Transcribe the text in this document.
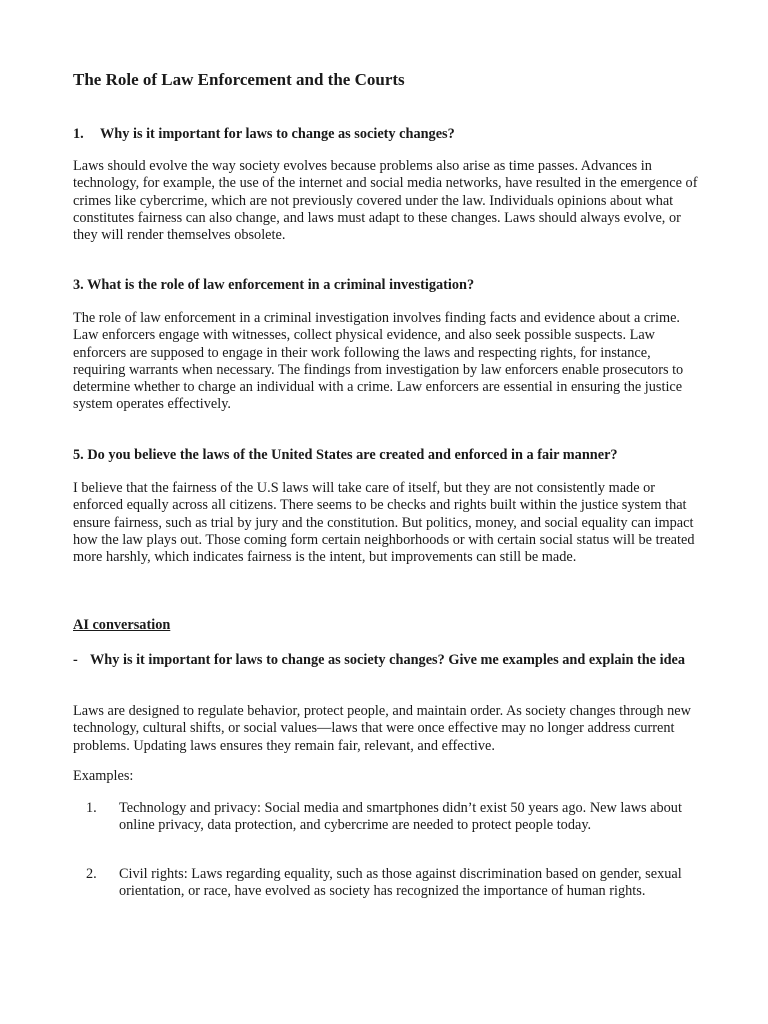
The Role of Law Enforcement and the Courts

1. Why is it important for laws to change as society changes?

Laws should evolve the way society evolves because problems also arise as time passes. Advances in technology, for example, the use of the internet and social media networks, have resulted in the emergence of crimes like cybercrime, which are not previously covered under the law. Individuals opinions about what constitutes fairness can also change, and laws must adapt to these changes. Laws should always evolve, or they will render themselves obsolete.

3. What is the role of law enforcement in a criminal investigation?

The role of law enforcement in a criminal investigation involves finding facts and evidence about a crime. Law enforcers engage with witnesses, collect physical evidence, and also seek possible suspects. Law enforcers are supposed to engage in their work following the laws and respecting rights, for instance, requiring warrants when necessary. The findings from investigation by law enforcers enable prosecutors to determine whether to charge an individual with a crime. Law enforcers are essential in ensuring the justice system operates effectively.

5. Do you believe the laws of the United States are created and enforced in a fair manner?

I believe that the fairness of the U.S laws will take care of itself, but they are not consistently made or enforced equally across all citizens. There seems to be checks and rights built within the justice system that ensure fairness, such as trial by jury and the constitution. But politics, money, and social equality can impact how the law plays out. Those coming form certain neighborhoods or with certain social status will be treated more harshly, which indicates fairness is the intent, but improvements can still be made.

AI conversation

- Why is it important for laws to change as society changes? Give me examples and explain the idea

Laws are designed to regulate behavior, protect people, and maintain order. As society changes through new technology, cultural shifts, or social values—laws that were once effective may no longer address current problems. Updating laws ensures they remain fair, relevant, and effective.

Examples:

1. Technology and privacy: Social media and smartphones didn’t exist 50 years ago. New laws about online privacy, data protection, and cybercrime are needed to protect people today.
2. Civil rights: Laws regarding equality, such as those against discrimination based on gender, sexual orientation, or race, have evolved as society has recognized the importance of human rights.
